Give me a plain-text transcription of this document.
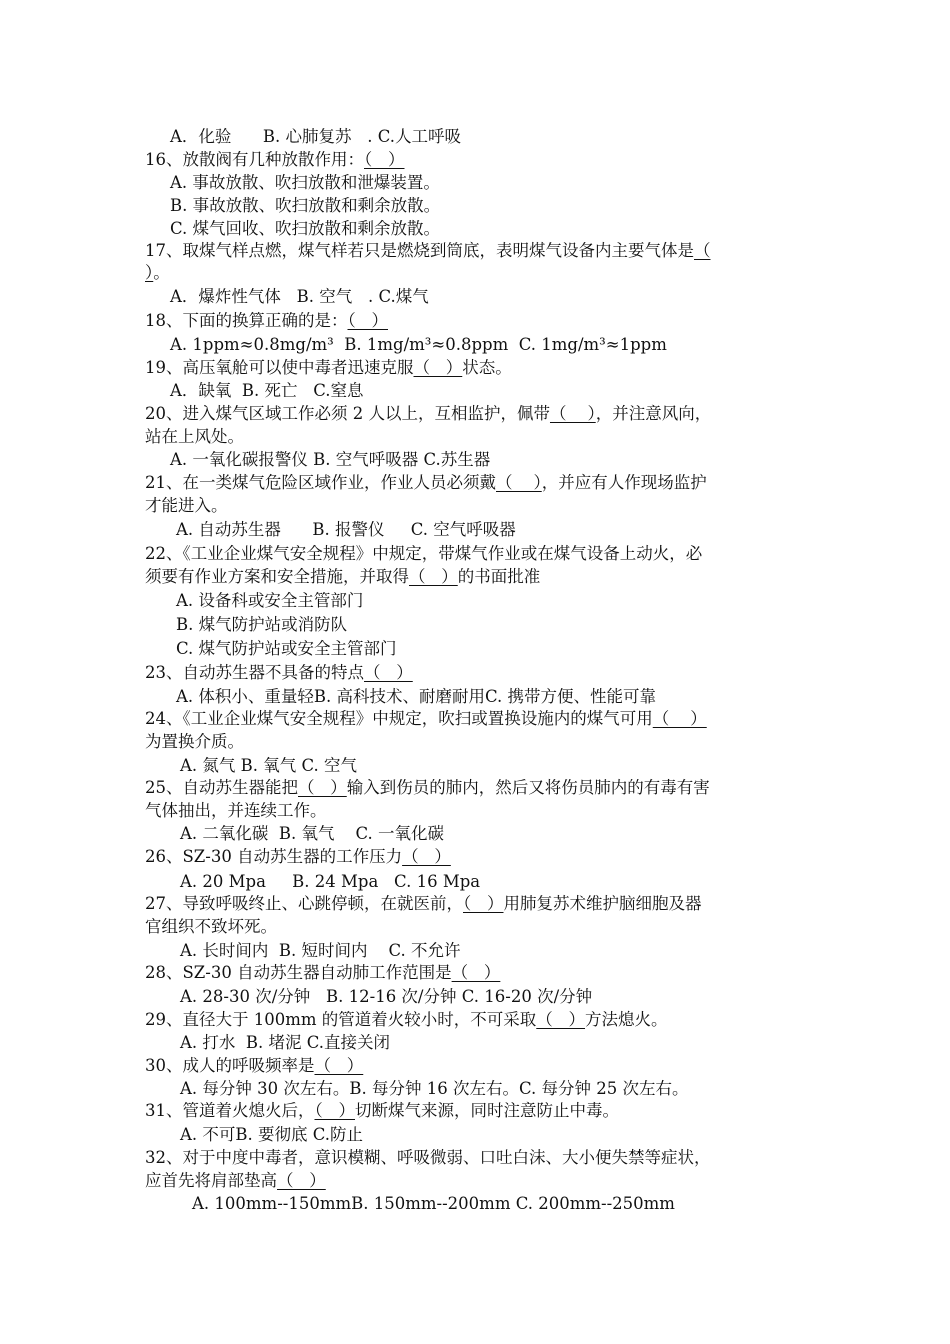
A．化验      B. 心肺复苏   . C.人工呼吸
16、放散阀有几种放散作用：（   ）
A. 事故放散、吹扫放散和泄爆装置。
B. 事故放散、吹扫放散和剩余放散。
C. 煤气回收、吹扫放散和剩余放散。
17、取煤气样点燃，煤气样若只是燃烧到筒底，表明煤气设备内主要气体是（
）。
A．爆炸性气体   B. 空气   . C.煤气
18、下面的换算正确的是：（   ）
A. 1ppm≈0.8mg/m³  B. 1mg/m³≈0.8ppm  C. 1mg/m³≈1ppm
19、高压氧舱可以使中毒者迅速克服（   ）状态。
A．缺氧  B. 死亡   C.窒息
20、进入煤气区域工作必须 2 人以上，互相监护，佩带（    ），并注意风向，
站在上风处。
A. 一氧化碳报警仪 B. 空气呼吸器 C.苏生器
21、在一类煤气危险区域作业，作业人员必须戴（    ），并应有人作现场监护
才能进入。
A. 自动苏生器      B. 报警仪     C. 空气呼吸器
22、《工业企业煤气安全规程》中规定，带煤气作业或在煤气设备上动火，必
须要有作业方案和安全措施，并取得（   ）的书面批准
A. 设备科或安全主管部门
B. 煤气防护站或消防队
C. 煤气防护站或安全主管部门
23、自动苏生器不具备的特点（   ）
A. 体积小、重量轻B. 高科技术、耐磨耐用C. 携带方便、性能可靠
24、《工业企业煤气安全规程》中规定，吹扫或置换设施内的煤气可用（    ）
为置换介质。
A. 氮气 B. 氧气 C. 空气
25、自动苏生器能把（   ）输入到伤员的肺内，然后又将伤员肺内的有毒有害
气体抽出，并连续工作。
A. 二氧化碳  B. 氧气    C. 一氧化碳
26、SZ-30 自动苏生器的工作压力（   ）
A. 20 Mpa     B. 24 Mpa   C. 16 Mpa
27、导致呼吸终止、心跳停顿，在就医前，（   ）用肺复苏术维护脑细胞及器
官组织不致坏死。
A. 长时间内  B. 短时间内    C. 不允许
28、SZ-30 自动苏生器自动肺工作范围是（   ）
A. 28-30 次/分钟   B. 12-16 次/分钟 C. 16-20 次/分钟
29、直径大于 100mm 的管道着火较小时，不可采取（   ）方法熄火。
A. 打水  B. 堵泥 C.直接关闭
30、成人的呼吸频率是（   ）
A. 每分钟 30 次左右。B. 每分钟 16 次左右。C. 每分钟 25 次左右。
31、管道着火熄火后，（   ）切断煤气来源，同时注意防止中毒。
A. 不可B. 要彻底 C.防止
32、对于中度中毒者，意识模糊、呼吸微弱、口吐白沫、大小便失禁等症状，
应首先将肩部垫高（   ）
A. 100mm--150mmB. 150mm--200mm C. 200mm--250mm
